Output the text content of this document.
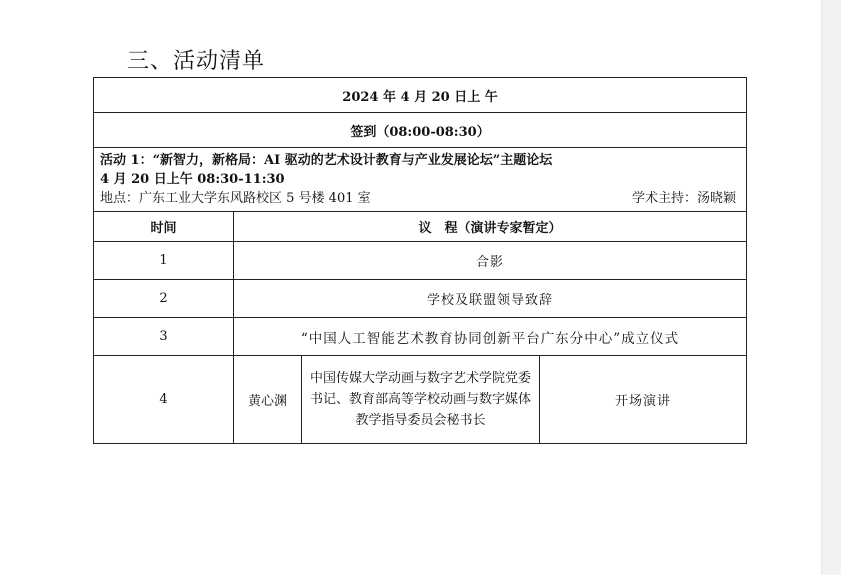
三、活动清单
2024 年 4 月 20 日上 午			
签到（08:00-08:30）			

活动 1：“新智力，新格局：AI 驱动的艺术设计教育与产业发展论坛”主题论坛
4 月 20 日上午 08:30-11:30
地点：广东工业大学东风路校区 5 号楼 401 室 学术主持：汤晓颖			

时间	议　程（演讲专家暂定）		
1	合影		
2	学校及联盟领导致辞		
3	“中国人工智能艺术教育协同创新平台广东分中心”成立仪式		
4	黄心渊	中国传媒大学动画与数字艺术学院党委书记、教育部高等学校动画与数字媒体教学指导委员会秘书长	开场演讲
